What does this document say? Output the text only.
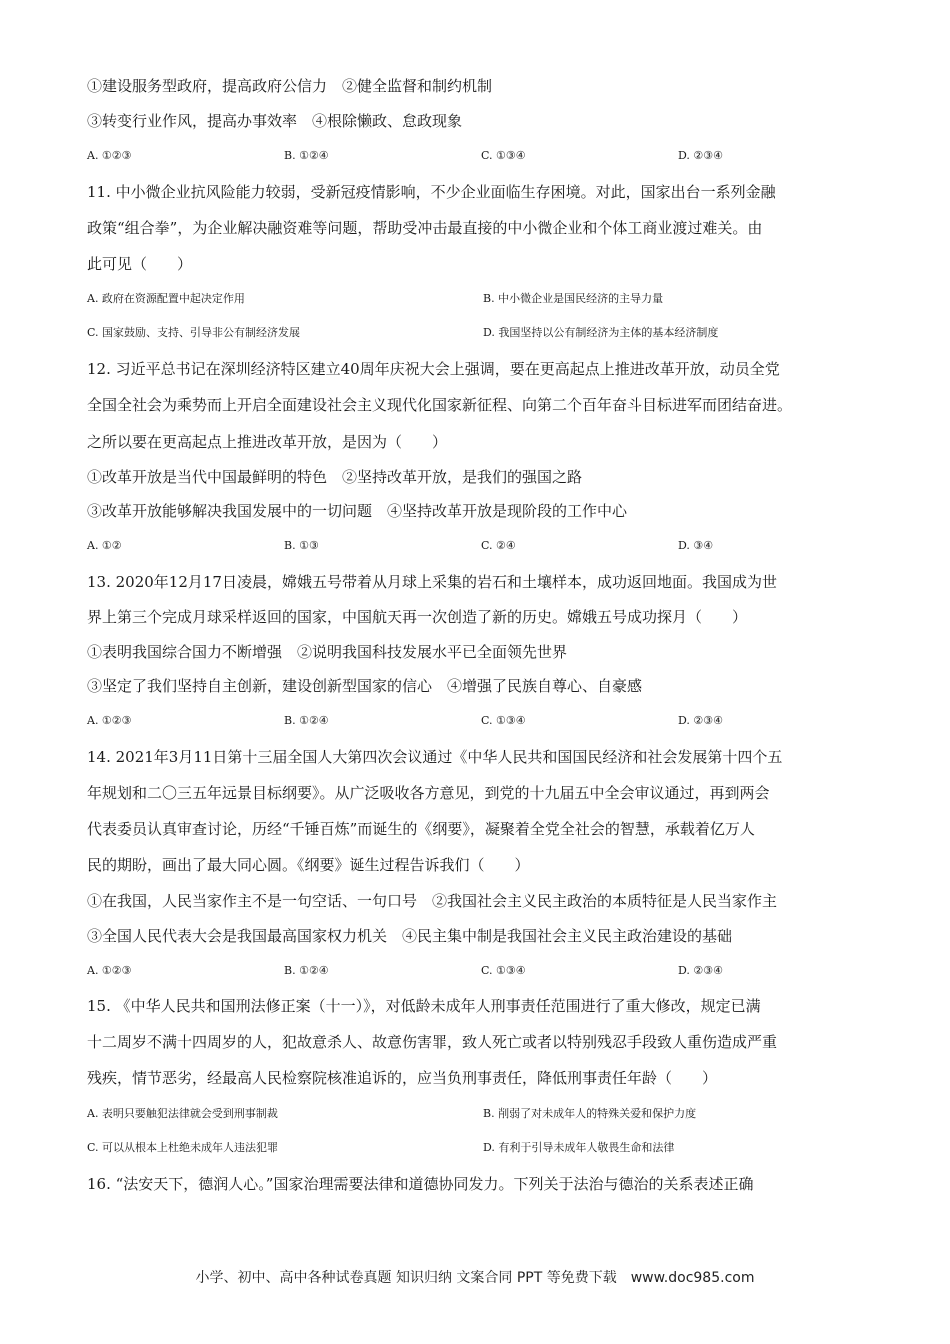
①建设服务型政府，提高政府公信力　②健全监督和制约机制
③转变行业作风，提高办事效率　④根除懒政、怠政现象
A. ①②③	B. ①②④	C. ①③④	D. ②③④
11. 中小微企业抗风险能力较弱，受新冠疫情影响，不少企业面临生存困境。对此，国家出台一系列金融
政策“组合拳”，为企业解决融资难等问题，帮助受冲击最直接的中小微企业和个体工商业渡过难关。由
此可见（　　）
A. 政府在资源配置中起决定作用	B. 中小微企业是国民经济的主导力量
C. 国家鼓励、支持、引导非公有制经济发展	D. 我国坚持以公有制经济为主体的基本经济制度
12. 习近平总书记在深圳经济特区建立40周年庆祝大会上强调，要在更高起点上推进改革开放，动员全党
全国全社会为乘势而上开启全面建设社会主义现代化国家新征程、向第二个百年奋斗目标进军而团结奋进。
之所以要在更高起点上推进改革开放，是因为（　　）
①改革开放是当代中国最鲜明的特色　②坚持改革开放，是我们的强国之路
③改革开放能够解决我国发展中的一切问题　④坚持改革开放是现阶段的工作中心
A. ①②	B. ①③	C. ②④	D. ③④
13. 2020年12月17日凌晨，嫦娥五号带着从月球上采集的岩石和土壤样本，成功返回地面。我国成为世
界上第三个完成月球采样返回的国家，中国航天再一次创造了新的历史。嫦娥五号成功探月（　　）
①表明我国综合国力不断增强　②说明我国科技发展水平已全面领先世界
③坚定了我们坚持自主创新，建设创新型国家的信心　④增强了民族自尊心、自豪感
A. ①②③	B. ①②④	C. ①③④	D. ②③④
14. 2021年3月11日第十三届全国人大第四次会议通过《中华人民共和国国民经济和社会发展第十四个五
年规划和二〇三五年远景目标纲要》。从广泛吸收各方意见，到党的十九届五中全会审议通过，再到两会
代表委员认真审查讨论，历经“千锤百炼”而诞生的《纲要》，凝聚着全党全社会的智慧，承载着亿万人
民的期盼，画出了最大同心圆。《纲要》诞生过程告诉我们（　　）
①在我国，人民当家作主不是一句空话、一句口号　②我国社会主义民主政治的本质特征是人民当家作主
③全国人民代表大会是我国最高国家权力机关　④民主集中制是我国社会主义民主政治建设的基础
A. ①②③	B. ①②④	C. ①③④	D. ②③④
15. 《中华人民共和国刑法修正案（十一）》，对低龄未成年人刑事责任范围进行了重大修改，规定已满
十二周岁不满十四周岁的人，犯故意杀人、故意伤害罪，致人死亡或者以特别残忍手段致人重伤造成严重
残疾，情节恶劣，经最高人民检察院核准追诉的，应当负刑事责任，降低刑事责任年龄（　　）
A. 表明只要触犯法律就会受到刑事制裁	B. 削弱了对未成年人的特殊关爱和保护力度
C. 可以从根本上杜绝未成年人违法犯罪	D. 有利于引导未成年人敬畏生命和法律
16. “法安天下，德润人心。”国家治理需要法律和道德协同发力。下列关于法治与德治的关系表述正确
小学、初中、高中各种试卷真题 知识归纳 文案合同 PPT 等免费下载　www.doc985.com
